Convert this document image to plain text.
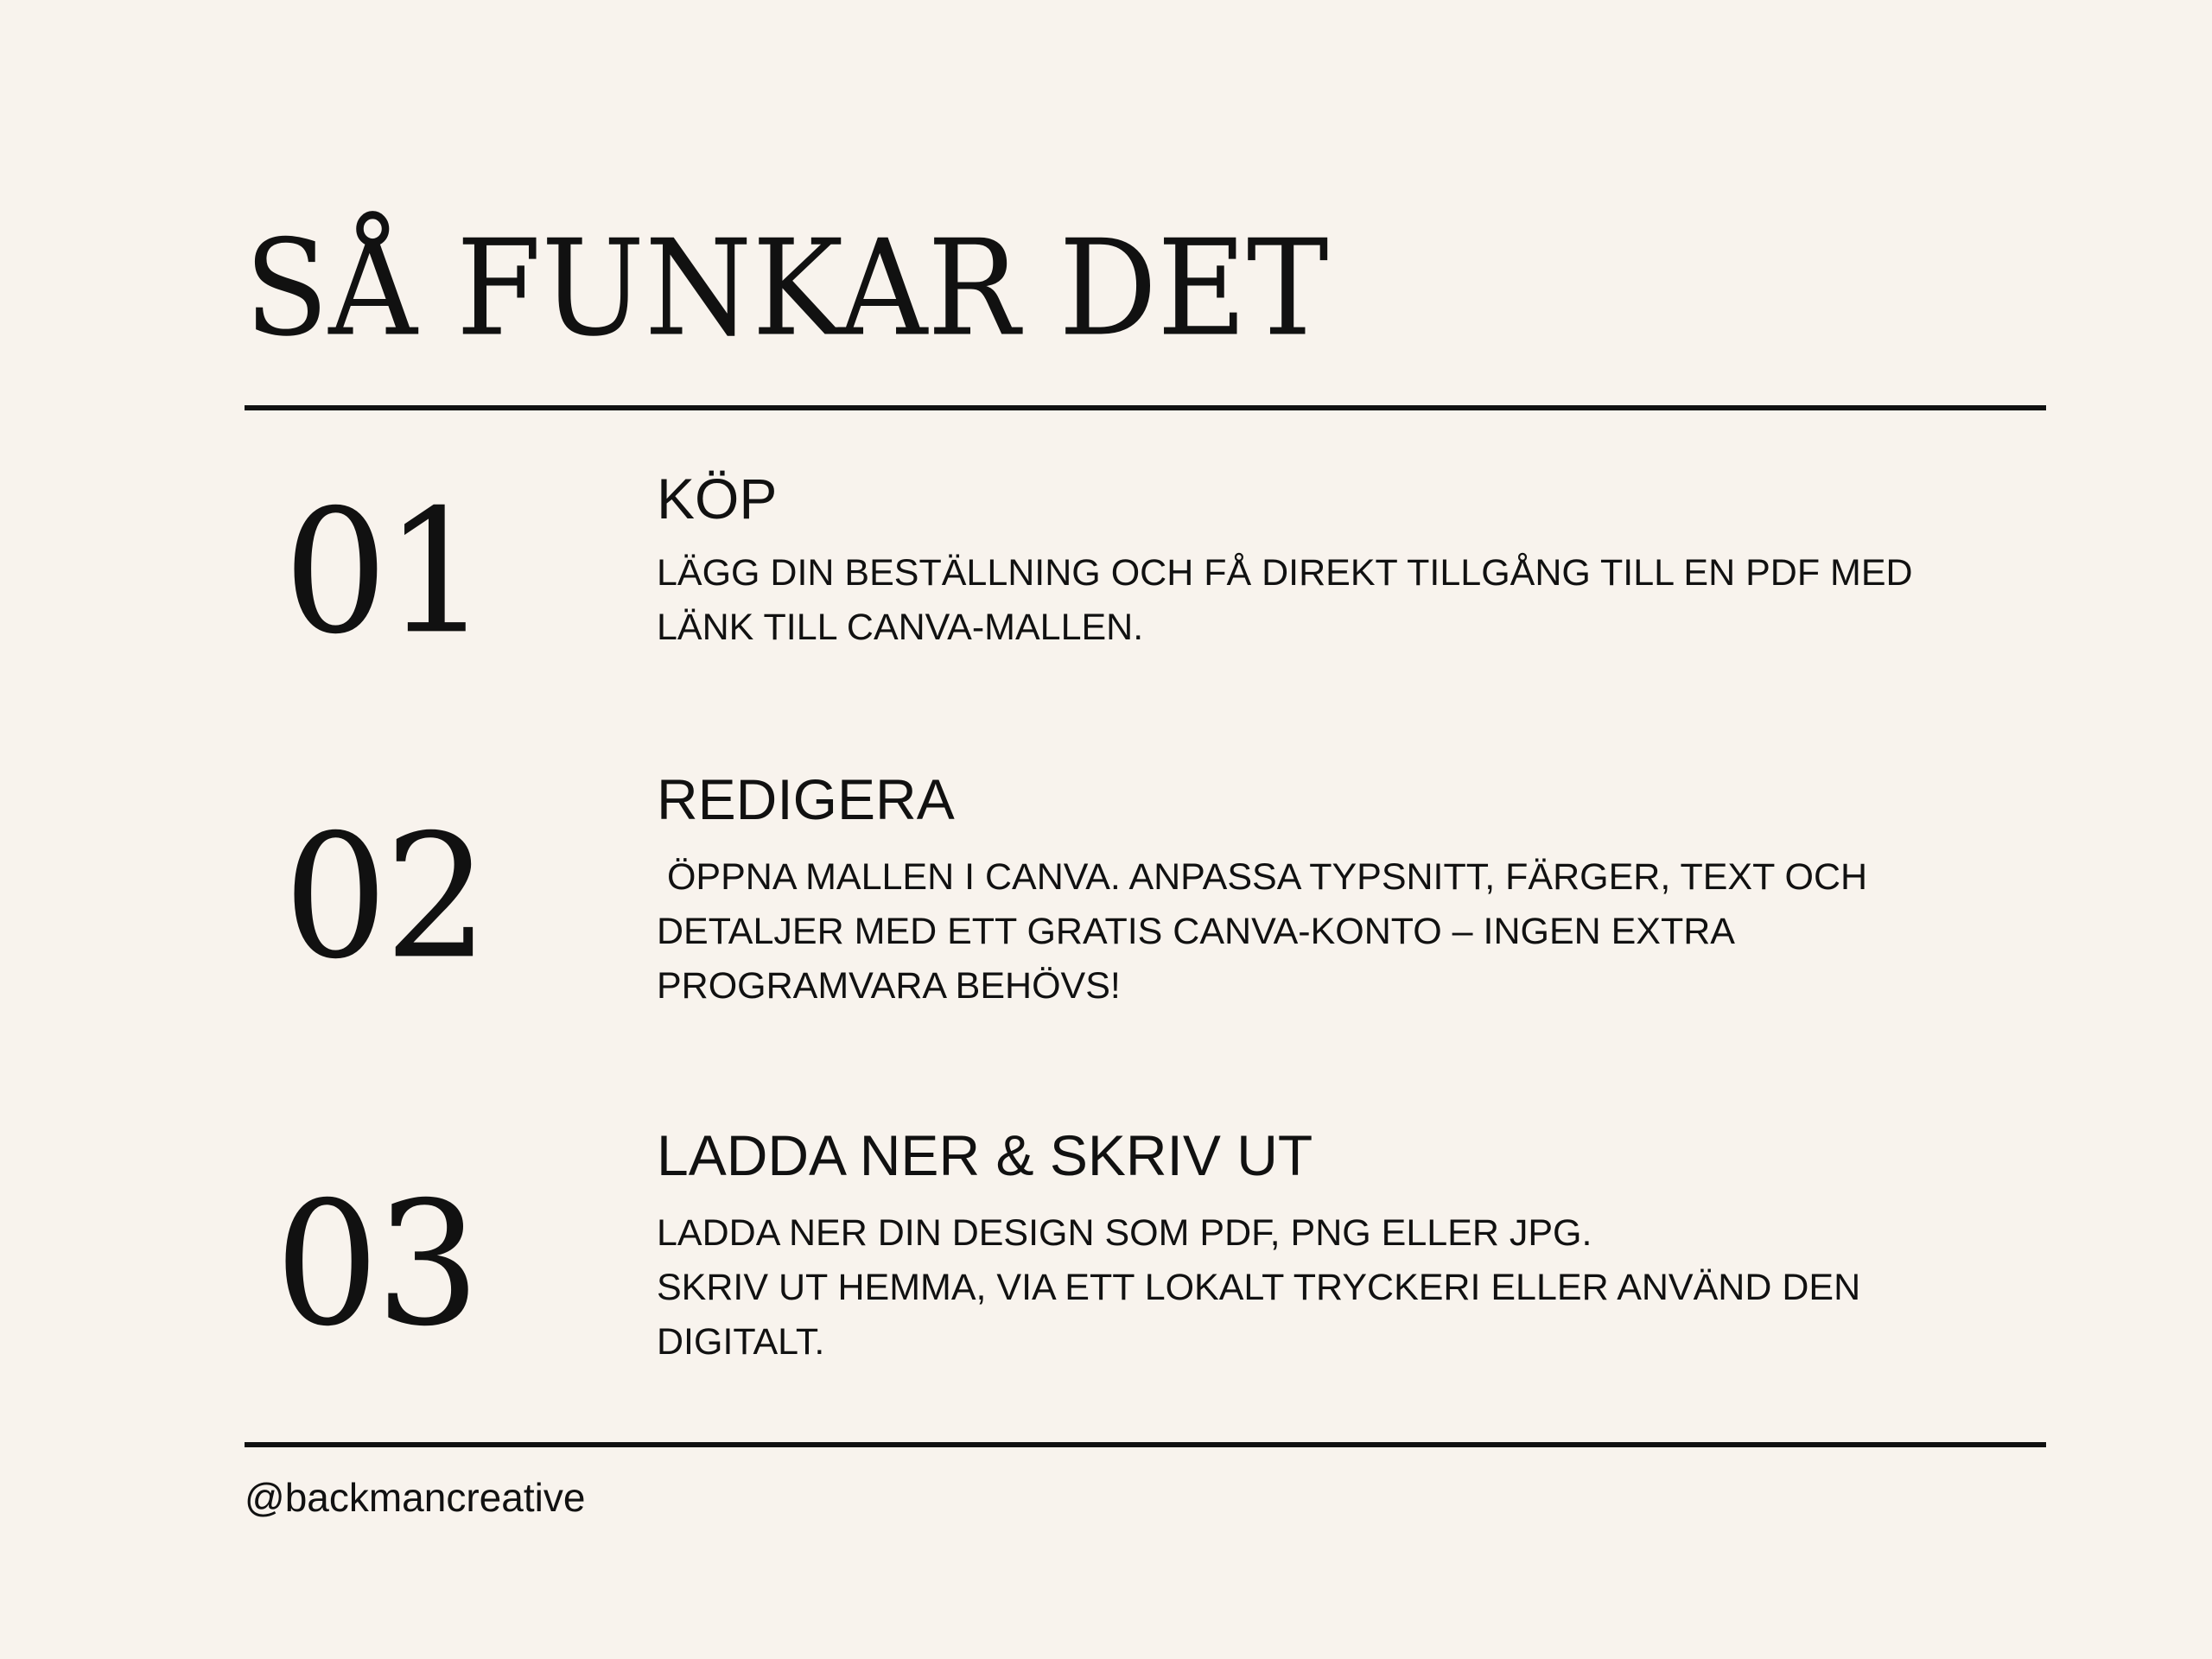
SÅ FUNKAR DET
01	KÖP

LÄGG DIN BESTÄLLNING OCH FÅ DIREKT TILLGÅNG TILL EN PDF MED
LÄNK TILL CANVA-MALLEN.

02	REDIGERA

ÖPPNA MALLEN I CANVA. ANPASSA TYPSNITT, FÄRGER, TEXT OCH
DETALJER MED ETT GRATIS CANVA-KONTO – INGEN EXTRA
PROGRAMVARA BEHÖVS!

03
LADDA NER & SKRIV UT

LADDA NER DIN DESIGN SOM PDF, PNG ELLER JPG.
SKRIV UT HEMMA, VIA ETT LOKALT TRYCKERI ELLER ANVÄND DEN
DIGITALT.

@backmancreative
